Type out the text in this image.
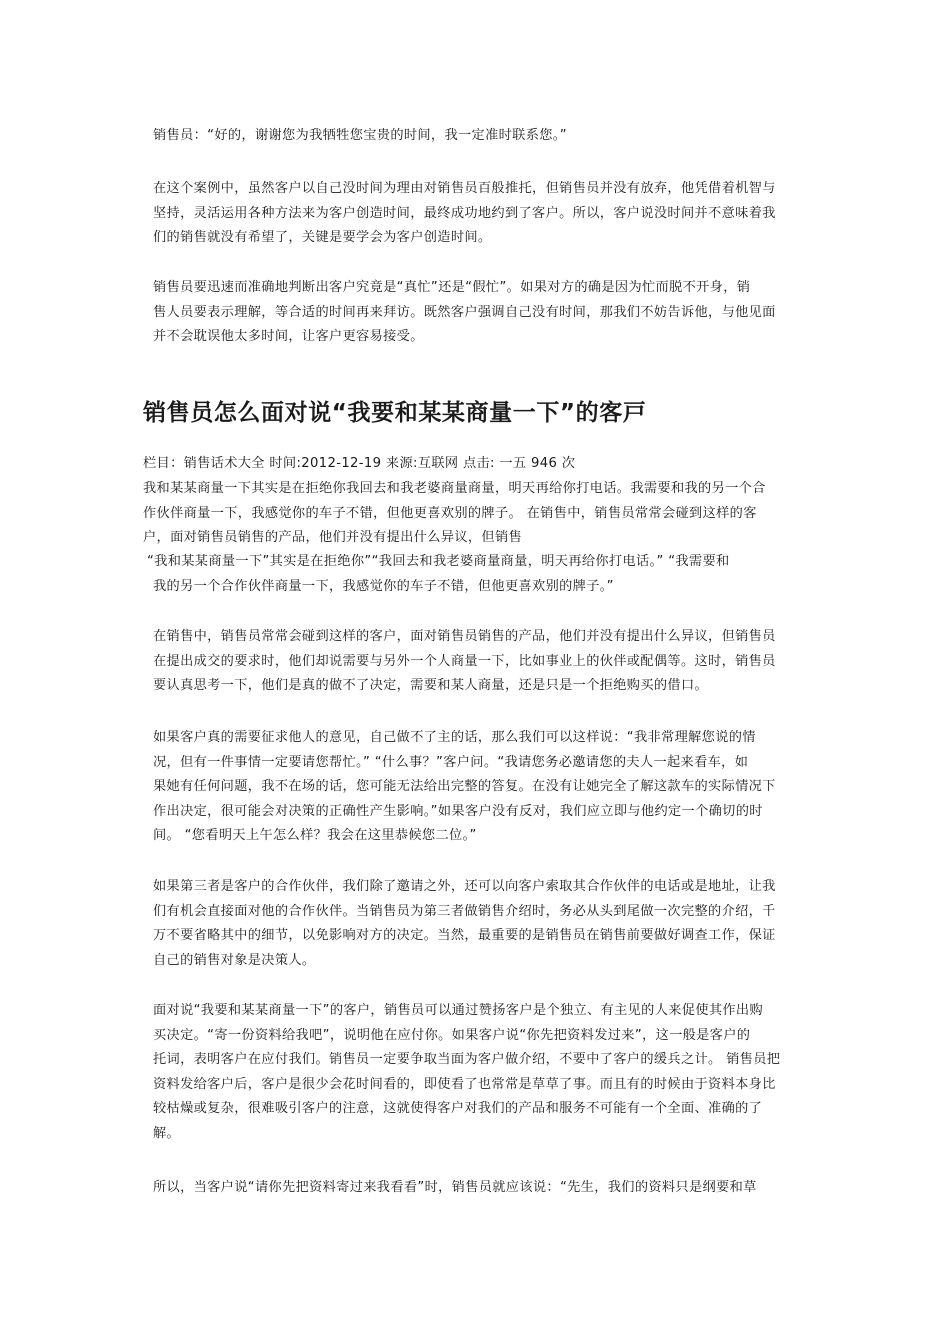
销售员：“好的，谢谢您为我牺牲您宝贵的时间，我一定准时联系您。”
在这个案例中，虽然客户以自己没时间为理由对销售员百般推托，但销售员并没有放弃，他凭借着机智与
坚持，灵活运用各种方法来为客户创造时间，最终成功地约到了客户。所以，客户说没时间并不意味着我
们的销售就没有希望了，关键是要学会为客户创造时间。
销售员要迅速而准确地判断出客户究竟是“真忙”还是“假忙”。如果对方的确是因为忙而脱不开身，销
售人员要表示理解，等合适的时间再来拜访。既然客户强调自己没有时间，那我们不妨告诉他，与他见面
并不会耽误他太多时间，让客户更容易接受。
销售员怎么面对说“我要和某某商量一下”的客戸
栏目：销售话术大全 时间:2012-12-19 来源:互联网 点击: 一五 946 次
我和某某商量一下其实是在拒绝你我回去和我老婆商量商量，明天再给你打电话。我需要和我的另一个合
作伙伴商量一下，我感觉你的车子不错，但他更喜欢别的牌子。 在销售中，销售员常常会碰到这样的客
户，面对销售员销售的产品，他们并没有提出什么异议，但销售
“我和某某商量一下”其实是在拒绝你”“我回去和我老婆商量商量，明天再给你打电话。” “我需要和
我的另一个合作伙伴商量一下，我感觉你的车子不错，但他更喜欢别的牌子。”
在销售中，销售员常常会碰到这样的客户，面对销售员销售的产品，他们并没有提出什么异议，但销售员
在提出成交的要求时，他们却说需要与另外一个人商量一下，比如事业上的伙伴或配偶等。这时，销售员
要认真思考一下，他们是真的做不了决定，需要和某人商量，还是只是一个拒绝购买的借口。
如果客户真的需要征求他人的意见，自己做不了主的话，那么我们可以这样说：“我非常理解您说的情
况，但有一件事情一定要请您帮忙。” “什么事？”客户问。“我请您务必邀请您的夫人一起来看车，如
果她有任何问题，我不在场的话，您可能无法给出完整的答复。在没有让她完全了解这款车的实际情况下
作出决定，很可能会对决策的正确性产生影响。”如果客户没有反对，我们应立即与他约定一个确切的时
间。 “您看明天上午怎么样？我会在这里恭候您二位。”
如果第三者是客户的合作伙伴，我们除了邀请之外，还可以向客户索取其合作伙伴的电话或是地址，让我
们有机会直接面对他的合作伙伴。当销售员为第三者做销售介绍时，务必从头到尾做一次完整的介绍，千
万不要省略其中的细节，以免影响对方的决定。当然，最重要的是销售员在销售前要做好调查工作，保证
自己的销售对象是决策人。
面对说“我要和某某商量一下”的客户，销售员可以通过赞扬客户是个独立、有主见的人来促使其作出购
买决定。“寄一份资料给我吧”，说明他在应付你。如果客户说“你先把资料发过来”，这一般是客户的
托词，表明客户在应付我们。销售员一定要争取当面为客户做介绍，不要中了客户的缓兵之计。 销售员把
资料发给客户后，客户是很少会花时间看的，即使看了也常常是草草了事。而且有的时候由于资料本身比
较枯燥或复杂，很难吸引客户的注意，这就使得客户对我们的产品和服务不可能有一个全面、准确的了
解。
所以，当客户说“请你先把资料寄过来我看看”时，销售员就应该说：“先生，我们的资料只是纲要和草
